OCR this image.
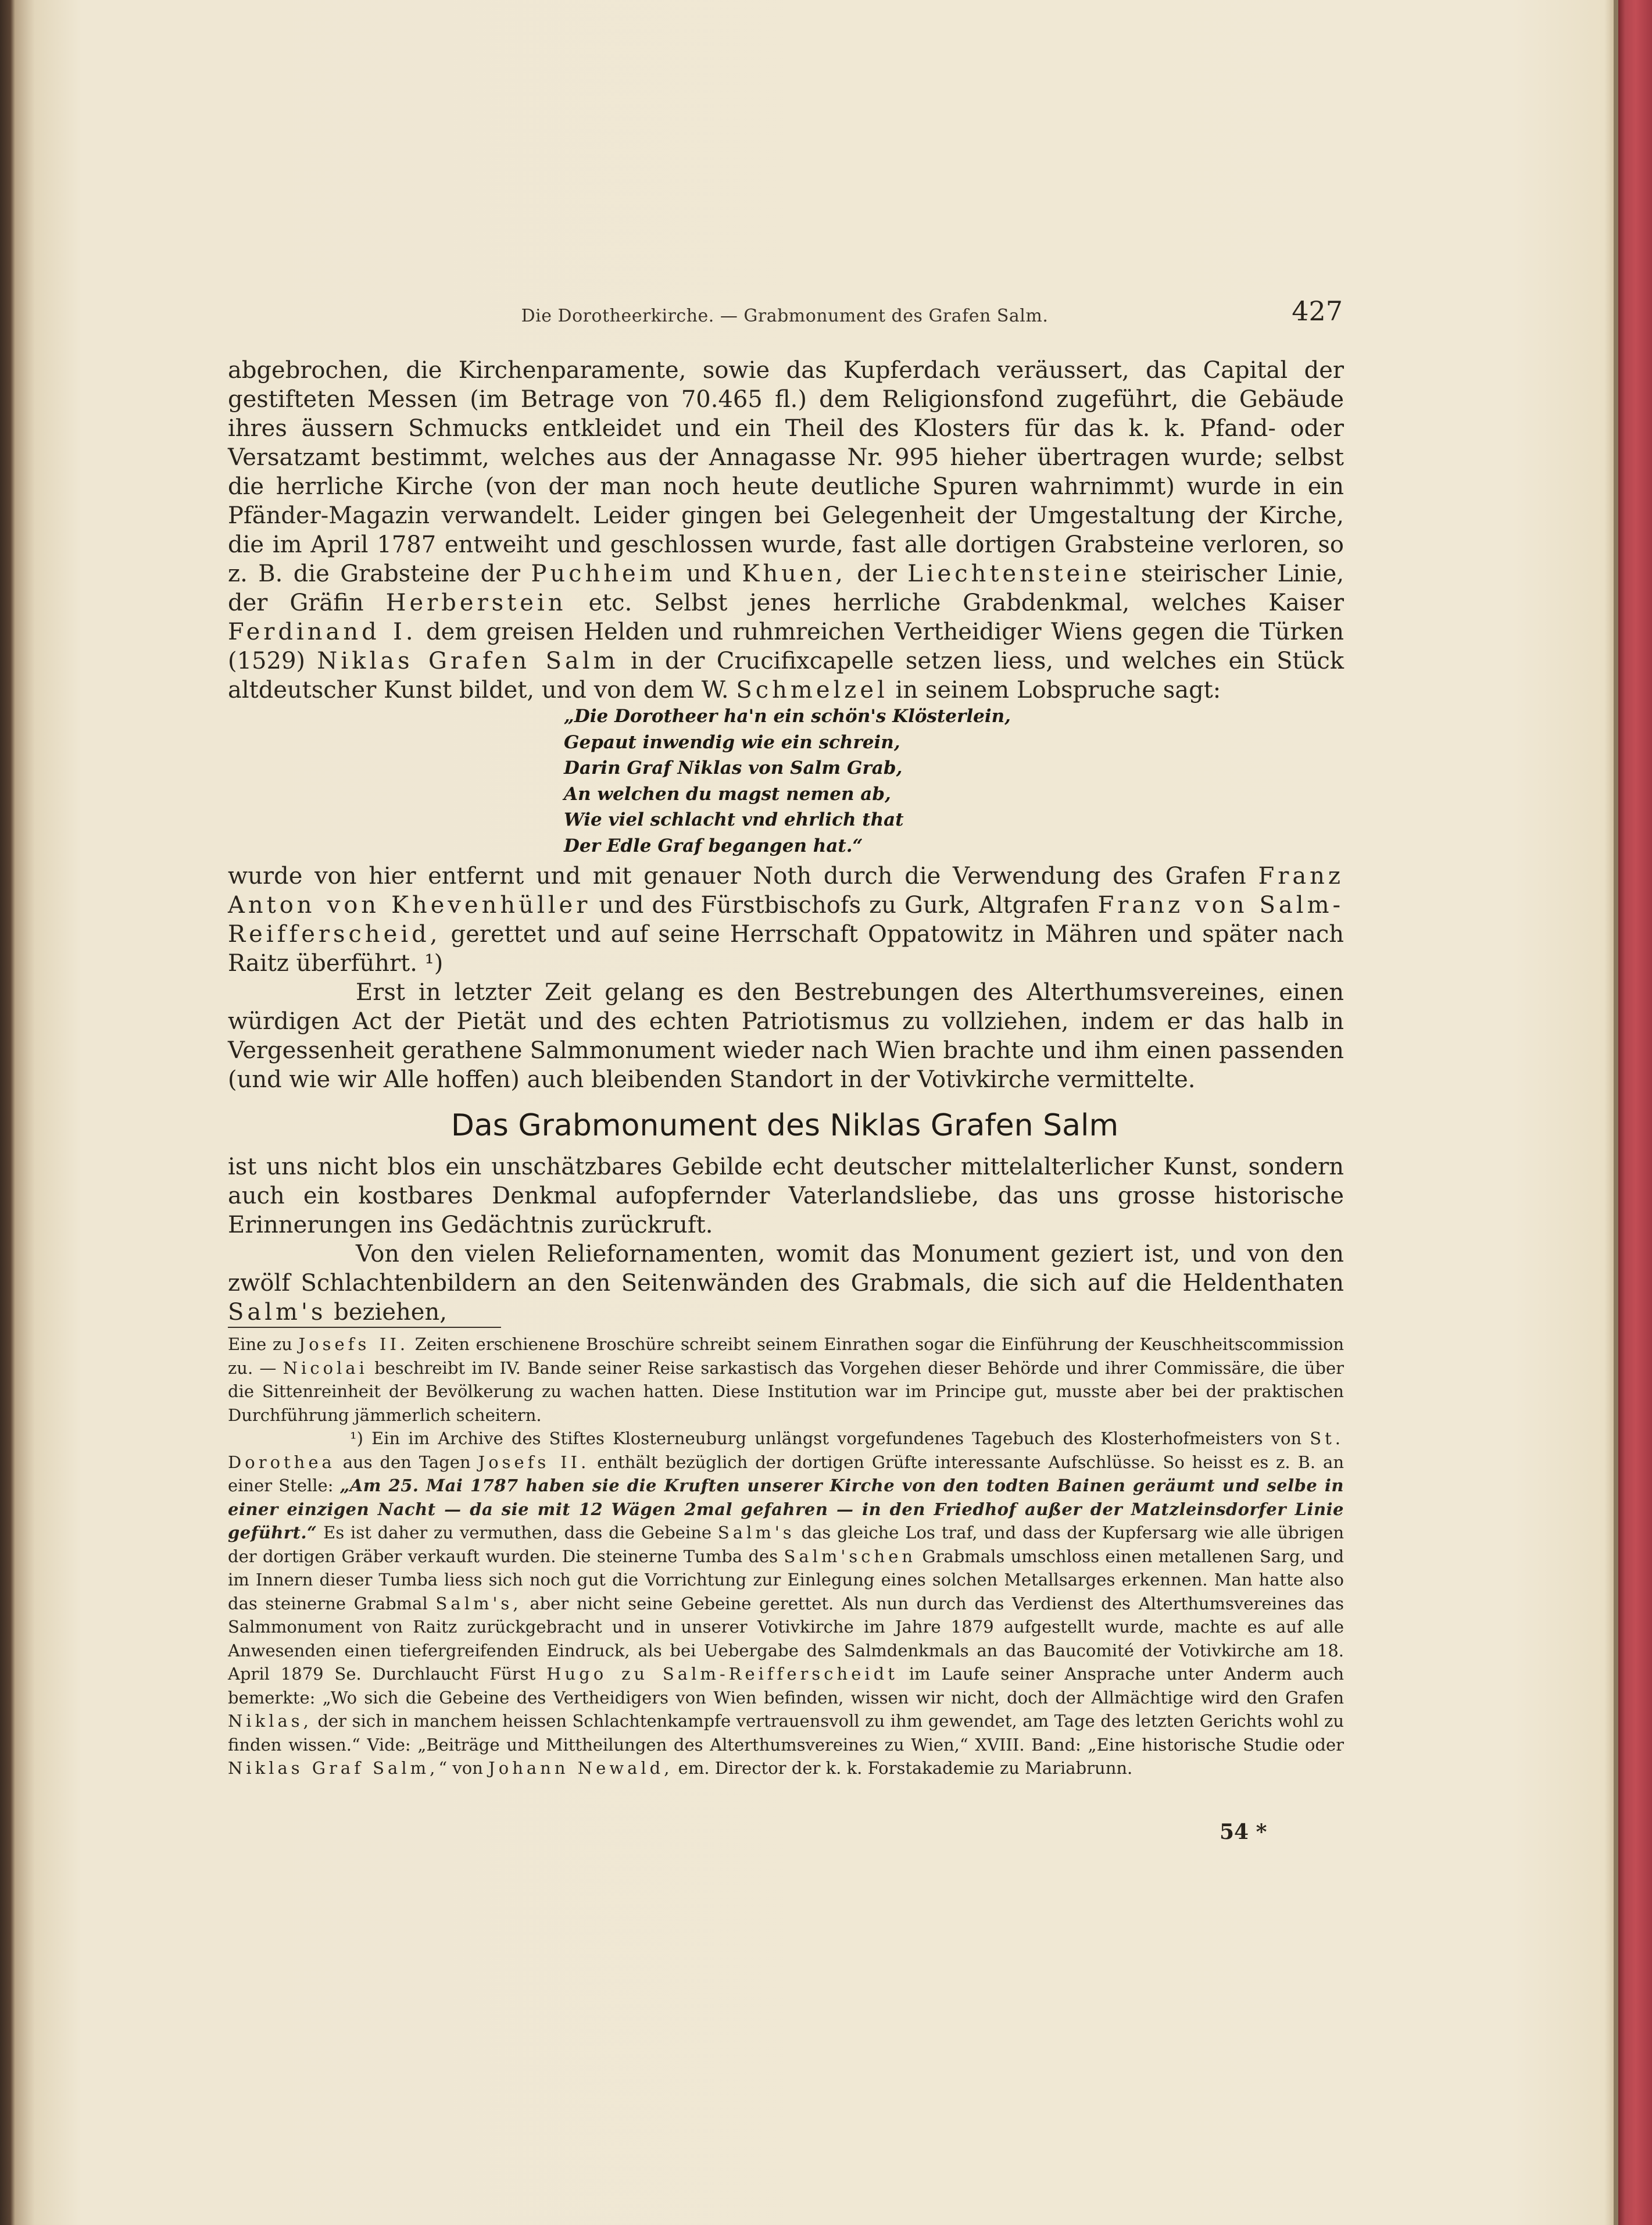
Die Dorotheerkirche. — Grabmonument des Grafen Salm.	427

abgebrochen, die Kirchenparamente, sowie das Kupferdach veräussert, das Capital der gestifteten Messen (im Betrage von 70.465 fl.) dem Religionsfond zugeführt, die Gebäude ihres äussern Schmucks entkleidet und ein Theil des Klosters für das k. k. Pfand- oder Versatzamt bestimmt, welches aus der Annagasse Nr. 995 hieher übertragen wurde; selbst die herrliche Kirche (von der man noch heute deutliche Spuren wahrnimmt) wurde in ein Pfänder-Magazin verwandelt. Leider gingen bei Gelegenheit der Umgestaltung der Kirche, die im April 1787 entweiht und geschlossen wurde, fast alle dortigen Grabsteine verloren, so z. B. die Grabsteine der Puchheim und Khuen, der Liechtensteine steirischer Linie, der Gräfin Herberstein etc. Selbst jenes herrliche Grabdenkmal, welches Kaiser Ferdinand I. dem greisen Helden und ruhmreichen Vertheidiger Wiens gegen die Türken (1529) Niklas Grafen Salm in der Crucifixcapelle setzen liess, und welches ein Stück altdeutscher Kunst bildet, und von dem W. Schmelzel in seinem Lobspruche sagt:

„Die Dorotheer ha'n ein schön's Klösterlein,
Gepaut inwendig wie ein schrein,
Darin Graf Niklas von Salm Grab,
An welchen du magst nemen ab,
Wie viel schlacht vnd ehrlich that
Der Edle Graf begangen hat.“

wurde von hier entfernt und mit genauer Noth durch die Verwendung des Grafen Franz Anton von Khevenhüller und des Fürstbischofs zu Gurk, Altgrafen Franz von Salm-Reifferscheid, gerettet und auf seine Herrschaft Oppatowitz in Mähren und später nach Raitz überführt. ¹)

Erst in letzter Zeit gelang es den Bestrebungen des Alterthumsvereines, einen würdigen Act der Pietät und des echten Patriotismus zu vollziehen, indem er das halb in Vergessenheit gerathene Salmmonument wieder nach Wien brachte und ihm einen passenden (und wie wir Alle hoffen) auch bleibenden Standort in der Votivkirche vermittelte.

Das Grabmonument des Niklas Grafen Salm

ist uns nicht blos ein unschätzbares Gebilde echt deutscher mittelalterlicher Kunst, sondern auch ein kostbares Denkmal aufopfernder Vaterlandsliebe, das uns grosse historische Erinnerungen ins Gedächtnis zurückruft.

Von den vielen Reliefornamenten, womit das Monument geziert ist, und von den zwölf Schlachtenbildern an den Seitenwänden des Grabmals, die sich auf die Heldenthaten Salm's beziehen,

Eine zu Josefs II. Zeiten erschienene Broschüre schreibt seinem Einrathen sogar die Einführung der Keuschheitscommission zu. — Nicolai beschreibt im IV. Bande seiner Reise sarkastisch das Vorgehen dieser Behörde und ihrer Commissäre, die über die Sittenreinheit der Bevölkerung zu wachen hatten. Diese Institution war im Principe gut, musste aber bei der praktischen Durchführung jämmerlich scheitern.

¹) Ein im Archive des Stiftes Klosterneuburg unlängst vorgefundenes Tagebuch des Klosterhofmeisters von St. Dorothea aus den Tagen Josefs II. enthält bezüglich der dortigen Grüfte interessante Aufschlüsse. So heisst es z. B. an einer Stelle: „Am 25. Mai 1787 haben sie die Kruften unserer Kirche von den todten Bainen geräumt und selbe in einer einzigen Nacht — da sie mit 12 Wägen 2mal gefahren — in den Friedhof außer der Matzleinsdorfer Linie geführt.“ Es ist daher zu vermuthen, dass die Gebeine Salm's das gleiche Los traf, und dass der Kupfersarg wie alle übrigen der dortigen Gräber verkauft wurden. Die steinerne Tumba des Salm'schen Grabmals umschloss einen metallenen Sarg, und im Innern dieser Tumba liess sich noch gut die Vorrichtung zur Einlegung eines solchen Metallsarges erkennen. Man hatte also das steinerne Grabmal Salm's, aber nicht seine Gebeine gerettet. Als nun durch das Verdienst des Alterthumsvereines das Salmmonument von Raitz zurückgebracht und in unserer Votivkirche im Jahre 1879 aufgestellt wurde, machte es auf alle Anwesenden einen tiefergreifenden Eindruck, als bei Uebergabe des Salmdenkmals an das Baucomité der Votivkirche am 18. April 1879 Se. Durchlaucht Fürst Hugo zu Salm-Reifferscheidt im Laufe seiner Ansprache unter Anderm auch bemerkte: „Wo sich die Gebeine des Vertheidigers von Wien befinden, wissen wir nicht, doch der Allmächtige wird den Grafen Niklas, der sich in manchem heissen Schlachtenkampfe vertrauensvoll zu ihm gewendet, am Tage des letzten Gerichts wohl zu finden wissen.“ Vide: „Beiträge und Mittheilungen des Alterthumsvereines zu Wien,“ XVIII. Band: „Eine historische Studie oder Niklas Graf Salm,“ von Johann Newald, em. Director der k. k. Forstakademie zu Mariabrunn.

54 *
